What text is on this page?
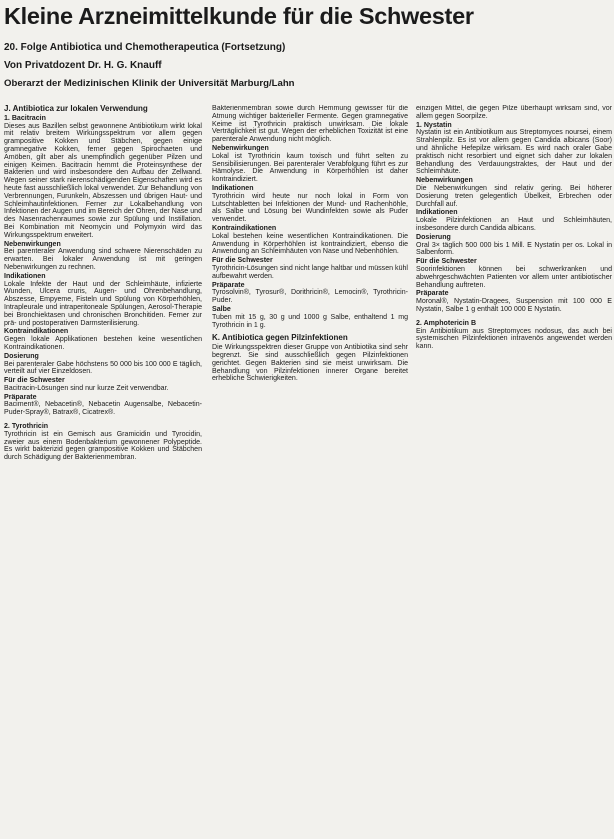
Kleine Arzneimittelkunde für die Schwester
20. Folge Antibiotica und Chemotherapeutica (Fortsetzung)
Von Privatdozent Dr. H. G. Knauff
Oberarzt der Medizinischen Klinik der Universität Marburg/Lahn
J. Antibiotica zur lokalen Verwendung
1. Bacitracin

Dieses aus Bazillen selbst gewonnene Antibiotikum wirkt lokal mit relativ breitem Wirkungsspektrum vor allem gegen grampositive Kokken und Stäbchen, gegen einige gramnegative Kokken, ferner gegen Spirochaeten und Amöben, gilt aber als unempfindlich gegenüber Pilzen und einigen Keimen. Bacitracin hemmt die Proteinsynthese der Bakterien und wird insbesondere den Aufbau der Zellwand. Wegen seiner stark nierenschädigenden Eigenschaften wird es heute fast ausschließlich lokal verwendet. Zur Behandlung von Verbrennungen, Furunkeln, Abszessen und übrigen Haut- und Schleimhautinfektionen. Ferner zur Lokalbehandlung von Infektionen der Augen und im Bereich der Ohren, der Nase und des Nasenrachenraumes sowie zur Spülung und Instillation. Bei Kombination mit Neomycin und Polymyxin wird das Wirkungsspektrum erweitert.

Nebenwirkungen

Bei parenteraler Anwendung sind schwere Nierenschäden zu erwarten. Bei lokaler Anwendung ist mit geringen Nebenwirkungen zu rechnen.

Indikationen

Lokale Infekte der Haut und der Schleimhäute, infizierte Wunden, Ulcera cruris, Augen- und Ohrenbehandlung, Abszesse, Empyeme, Fisteln und Spülung von Körperhöhlen, Intrapleurale und intraperitoneale Spülungen, Aerosol-Therapie bei Bronchiektasen und chronischen Bronchitiden. Ferner zur prä- und postoperativen Darmsterilisierung.

Kontraindikationen

Gegen lokale Applikationen bestehen keine wesentlichen Kontraindikationen.

Dosierung

Bei parenteraler Gabe höchstens 50 000 bis 100 000 E täglich, verteilt auf vier Einzeldosen.

Für die Schwester

Bacitracin-Lösungen sind nur kurze Zeit verwendbar.

Präparate

Baciment®, Nebacetin®, Nebacetin Augensalbe, Nebacetin-Puder-Spray®, Batrax®, Cicatrex®.

2. Tyrothricin

Tyrothricin ist ein Gemisch aus Gramicidin und Tyrocidin, zweier aus einem Bodenbakterium gewonnener Polypeptide. Es wirkt bakterizid gegen grampositive Kokken und Stäbchen durch Schädigung der Bakterienmembran.

Bakterienmembran sowie durch Hemmung gewisser für die Atmung wichtiger bakterieller Fermente. Gegen gramnegative Keime ist Tyrothricin praktisch unwirksam. Die lokale Verträglichkeit ist gut. Wegen der erheblichen Toxizität ist eine parenterale Anwendung nicht möglich.

Nebenwirkungen

Lokal ist Tyrothricin kaum toxisch und führt selten zu Sensibilisierungen. Bei parenteraler Verabfolgung führt es zur Hämolyse. Die Anwendung in Körperhöhlen ist daher kontraindiziert.

Indikationen

Tyrothricin wird heute nur noch lokal in Form von Lutschtabletten bei Infektionen der Mund- und Rachenhöhle, als Salbe und Lösung bei Wundinfekten sowie als Puder verwendet.

Kontraindikationen

Lokal bestehen keine wesentlichen Kontraindikationen. Die Anwendung in Körperhöhlen ist kontraindiziert, ebenso die Anwendung an Schleimhäuten von Nase und Nebenhöhlen.

Für die Schwester

Tyrothricin-Lösungen sind nicht lange haltbar und müssen kühl aufbewahrt werden.

Präparate

Tyrosolvin®, Tyrosur®, Dorithricin®, Lemocin®, Tyrothricin-Puder.

Salbe

Tuben mit 15 g, 30 g und 1000 g Salbe, enthaltend 1 mg Tyrothricin in 1 g.

K. Antibiotica gegen Pilzinfektionen

Die Wirkungsspektren dieser Gruppe von Antibiotika sind sehr begrenzt. Sie sind ausschließlich gegen Pilzinfektionen gerichtet. Gegen Bakterien sind sie meist unwirksam. Die Behandlung von Pilzinfektionen innerer Organe bereitet erhebliche Schwierigkeiten.

einzigen Mittel, die gegen Pilze überhaupt wirksam sind, vor allem gegen Soorpilze.

1. Nystatin

Nystatin ist ein Antibiotikum aus Streptomyces noursei, einem Strahlenpilz. Es ist vor allem gegen Candida albicans (Soor) und ähnliche Hefepilze wirksam. Es wird nach oraler Gabe praktisch nicht resorbiert und eignet sich daher zur lokalen Behandlung des Verdauungstraktes, der Haut und der Schleimhäute.

Nebenwirkungen

Die Nebenwirkungen sind relativ gering. Bei höherer Dosierung treten gelegentlich Übelkeit, Erbrechen oder Durchfall auf.

Indikationen

Lokale Pilzinfektionen an Haut und Schleimhäuten, insbesondere durch Candida albicans.

Dosierung

Oral 3× täglich 500 000 bis 1 Mill. E Nystatin per os. Lokal in Salbenform.

Für die Schwester

Soorinfektionen können bei schwerkranken und abwehrgeschwächten Patienten vor allem unter antibiotischer Behandlung auftreten.

Präparate

Moronal®, Nystatin-Dragees, Suspension mit 100 000 E Nystatin, Salbe 1 g enthält 100 000 E Nystatin.

2. Amphotericin B

Ein Antibiotikum aus Streptomyces nodosus, das auch bei systemischen Pilzinfektionen intravenös angewendet werden kann.
